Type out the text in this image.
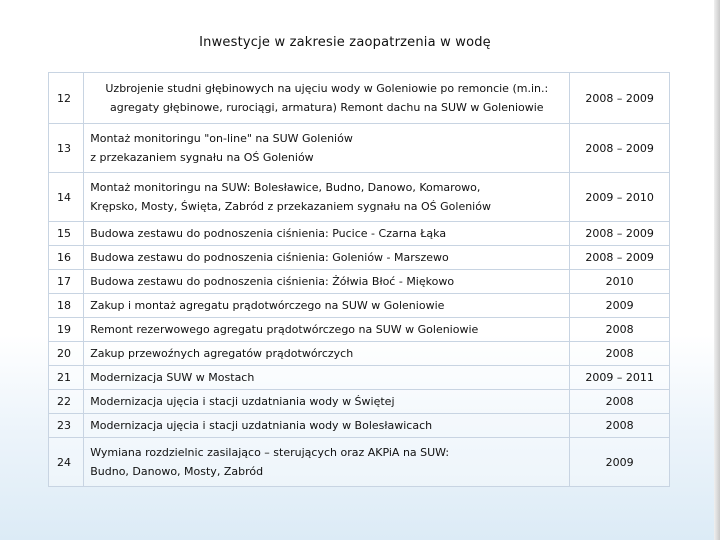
Inwestycje w zakresie zaopatrzenia w wodę
12	Uzbrojenie studni głębinowych na ujęciu wody w Goleniowie po remoncie (m.in.:
agregaty głębinowe, rurociągi, armatura) Remont dachu na SUW w Goleniowie	2008 – 2009
13	Montaż monitoringu "on-line" na SUW Goleniów
z przekazaniem sygnału na OŚ Goleniów	2008 – 2009
14	Montaż monitoringu na SUW: Bolesławice, Budno, Danowo, Komarowo,
Krępsko, Mosty, Święta, Zabród z przekazaniem sygnału na OŚ Goleniów	2009 – 2010
15	Budowa zestawu do podnoszenia ciśnienia: Pucice - Czarna Łąka	2008 – 2009
16	Budowa zestawu do podnoszenia ciśnienia: Goleniów - Marszewo	2008 – 2009
17	Budowa zestawu do podnoszenia ciśnienia: Żółwia Błoć - Miękowo	2010
18	Zakup i montaż agregatu prądotwórczego na SUW w Goleniowie	2009
19	Remont rezerwowego agregatu prądotwórczego na SUW w Goleniowie	2008
20	Zakup przewoźnych agregatów prądotwórczych	2008
21	Modernizacja SUW w Mostach	2009 – 2011
22	Modernizacja ujęcia i stacji uzdatniania wody w Świętej	2008
23	Modernizacja ujęcia i stacji uzdatniania wody w Bolesławicach	2008
24	Wymiana rozdzielnic zasilająco – sterujących oraz AKPiA na SUW:
Budno, Danowo, Mosty, Zabród	2009
